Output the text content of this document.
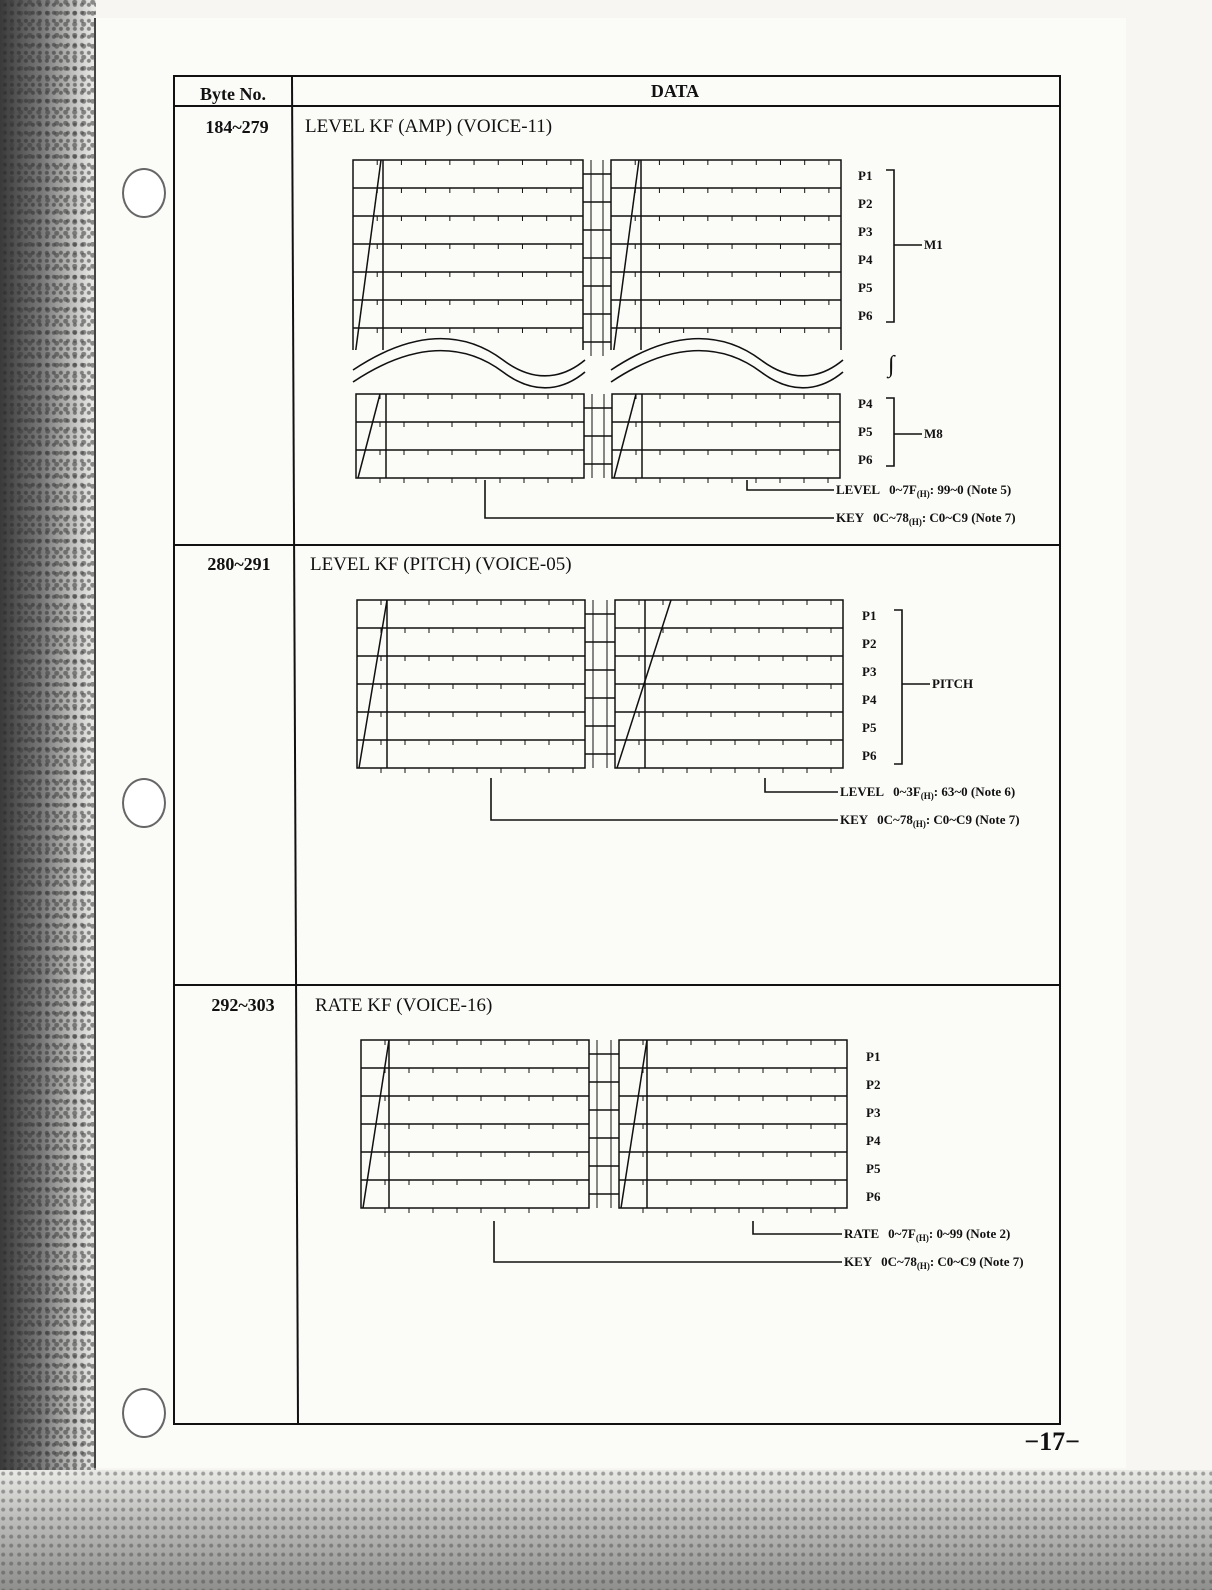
Byte No.	DATA
184~279 LEVEL KF (AMP) (VOICE-11)
P1
P2
P3
P4
P5
P6
∫
P4
P5
P6
M1
M8
LEVEL $0\sim 7F_{(H)}$: 99~0 (Note 5)
KEY $0C\sim 78_{(H)}$: C0~C9 (Note 7)
280~291 LEVEL KF (PITCH) (VOICE-05)
P1
P2
P3
P4
P5
P6
PITCH
LEVEL $0\sim 3F_{(H)}$: 63~0 (Note 6)
KEY $0C\sim 78_{(H)}$: C0~C9 (Note 7)
292~303 RATE KF (VOICE-16)
P1
P2
P3
P4
P5
P6
RATE $0\sim 7F_{(H)}$: 0~99 (Note 2)
KEY $0C\sim 78_{(H)}$: C0~C9 (Note 7)
−17−
